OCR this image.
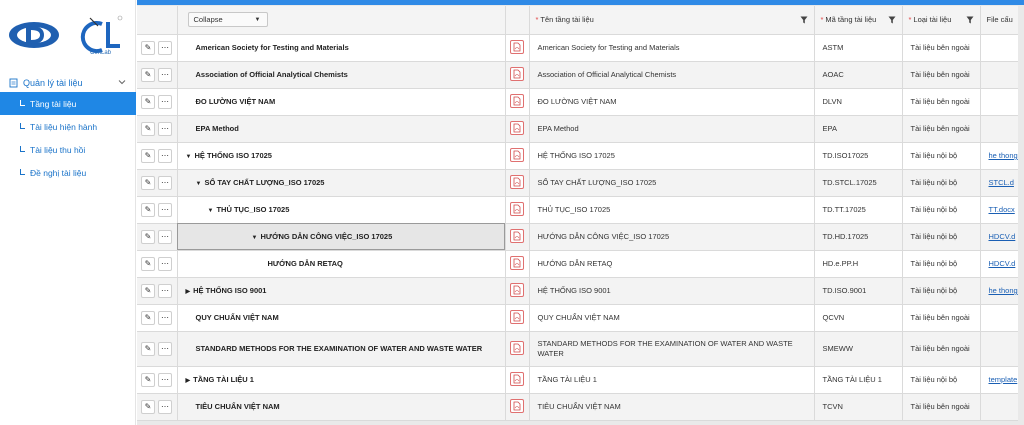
CenLab
Quản lý tài liệu
Tầng tài liệu
Tài liệu hiện hành
Tài liệu thu hồi
Đề nghị tài liệu

	Collapse ▼		* Tên tầng tài liệu	* Mã tầng tài liệu	* Loại tài liệu	File cấu

✎ ⋯	American Society for Testing and Materials		American Society for Testing and Materials	ASTM	Tài liệu bên ngoài	

✎ ⋯	Association of Official Analytical Chemists		Association of Official Analytical Chemists	AOAC	Tài liệu bên ngoài	

✎ ⋯	ĐO LƯỜNG VIỆT NAM		ĐO LƯỜNG VIỆT NAM	DLVN	Tài liệu bên ngoài	

✎ ⋯	EPA Method		EPA Method	EPA	Tài liệu bên ngoài	

✎ ⋯	▼ HỆ THỐNG ISO 17025		HỆ THỐNG ISO 17025	TD.ISO17025	Tài liệu nội bộ	he thong

✎ ⋯	▼ SỔ TAY CHẤT LƯỢNG_ISO 17025		SỔ TAY CHẤT LƯỢNG_ISO 17025	TD.STCL.17025	Tài liệu nội bộ	STCL.d

✎ ⋯	▼ THỦ TỤC_ISO 17025		THỦ TỤC_ISO 17025	TD.TT.17025	Tài liệu nội bộ	TT.docx

✎ ⋯	▼ HƯỚNG DẪN CÔNG VIỆC_ISO 17025		HƯỚNG DẪN CÔNG VIỆC_ISO 17025	TD.HD.17025	Tài liệu nội bộ	HDCV.d

✎ ⋯	HƯỚNG DẪN RETAQ		HƯỚNG DẪN RETAQ	HD.e.PP.H	Tài liệu nội bộ	HDCV.d

✎ ⋯	▶ HỆ THỐNG ISO 9001		HỆ THỐNG ISO 9001	TD.ISO.9001	Tài liệu nội bộ	he thong

✎ ⋯	QUY CHUẨN VIỆT NAM		QUY CHUẨN VIỆT NAM	QCVN	Tài liệu bên ngoài	

✎ ⋯	STANDARD METHODS FOR THE EXAMINATION OF WATER AND WASTE WATER		STANDARD METHODS FOR THE EXAMINATION OF WATER AND WASTE WATER	SMEWW	Tài liệu bên ngoài	

✎ ⋯	▶ TẦNG TÀI LIỆU 1		TẦNG TÀI LIỆU 1	TẦNG TÀI LIỆU 1	Tài liệu nội bộ	template

✎ ⋯	TIÊU CHUẨN VIỆT NAM		TIÊU CHUẨN VIỆT NAM	TCVN	Tài liệu bên ngoài	
